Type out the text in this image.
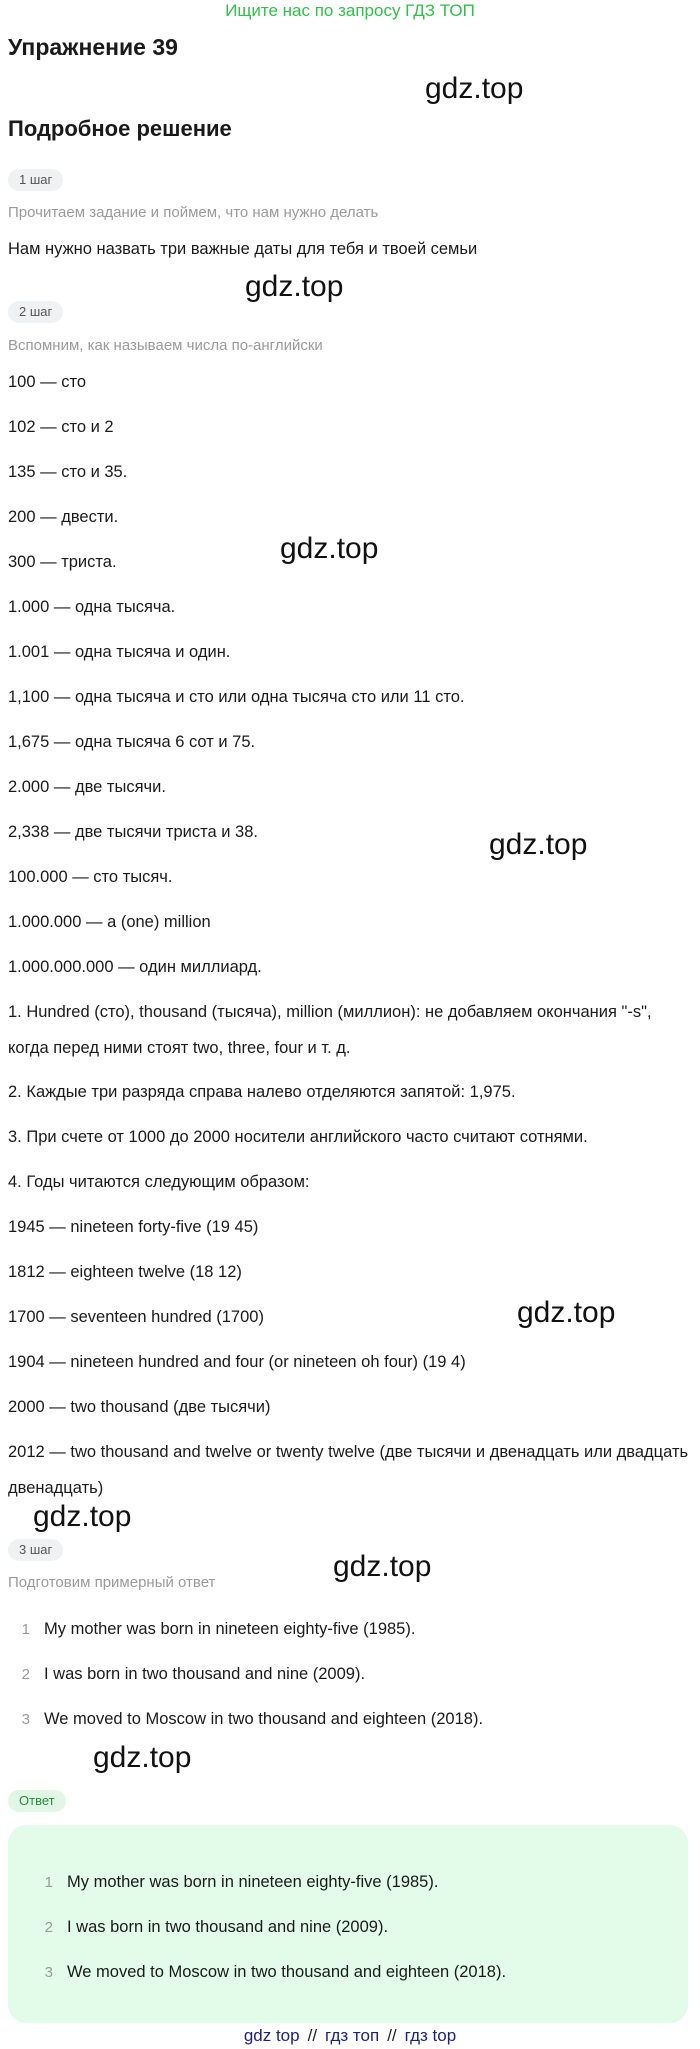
Ищите нас по запросу ГДЗ ТОП
Упражнение 39
gdz.top
Подробное решение
1 шаг
Прочитаем задание и поймем, что нам нужно делать
Нам нужно назвать три важные даты для тебя и твоей семьи
gdz.top
2 шаг
Вспомним, как называем числа по-английски
100 — сто
102 — сто и 2
135 — сто и 35.
200 — двести.
300 — триста.	gdz.top
1.000 — одна тысяча.
1.001 — одна тысяча и один.
1,100 — одна тысяча и сто или одна тысяча сто или 11 сто.
1,675 — одна тысяча 6 сот и 75.
2.000 — две тысячи.
2,338 — две тысячи триста и 38.	gdz.top
100.000 — сто тысяч.
1.000.000 — a (one) million
1.000.000.000 — один миллиард.
1. Hundred (сто), thousand (тысяча), million (миллион): не добавляем окончания "-s", когда перед ними стоят two, three, four и т. д.
2. Каждые три разряда справа налево отделяются запятой: 1,975.
3. При счете от 1000 до 2000 носители английского часто считают сотнями.
4. Годы читаются следующим образом:
1945 — nineteen forty-five (19 45)
1812 — eighteen twelve (18 12)
1700 — seventeen hundred (1700)	gdz.top
1904 — nineteen hundred and four (or nineteen oh four) (19 4)
2000 — two thousand (две тысячи)
2012 — two thousand and twelve or twenty twelve (две тысячи и двенадцать или двадцать двенадцать)
gdz.top
3 шаг
gdz.top
Подготовим примерный ответ
1 My mother was born in nineteen eighty-five (1985).
2 I was born in two thousand and nine (2009).
3 We moved to Moscow in two thousand and eighteen (2018).
gdz.top
Ответ
1 My mother was born in nineteen eighty-five (1985).
2 I was born in two thousand and nine (2009).
3 We moved to Moscow in two thousand and eighteen (2018).
gdz top // гдз топ // гдз top
